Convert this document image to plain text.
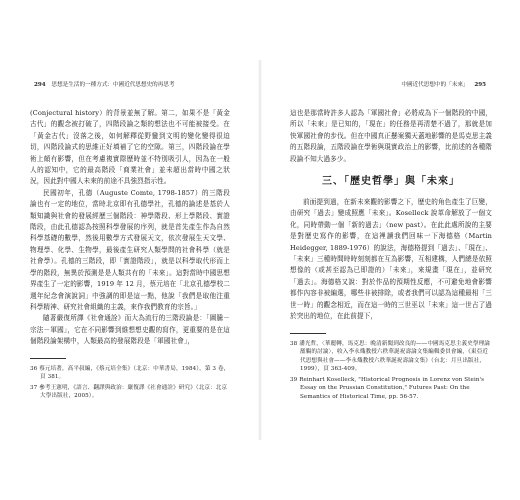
294 思想是生活的一種方式：中國近代思想史的再思考

(Conjectural history）的背景並無了解。第二，如果不是「黃金古代」的觀念被打破了，四階段論之類的想法也不可能被接受。在「黃金古代」沒落之後，如何解釋從野蠻到文明的變化變得很迫切，四階段論式的思維正好填補了它的空隙。第三，四階段論在學術上頗有影響，但在考慮複實際歷時並不特別吸引人，因為在一般人的認知中，它的最高階段「商業社會」並未超出當時中國之狀況，因此對中國人未來的前途不具強烈指示性。

民國初年，孔德（Auguste Comte, 1798-1857）的三階段論也有一定的地位，當時北京即有孔德學社，孔德的論述是基於人類知識與社會的發展經歷三個階段：神學階段、形上學階段、實證階段，由此孔德認為按照科學發展的序列，就是首先產生作為自然科學基礎的數學，然後用數學方式發展天文，依次發展生天文學、物理學、化學、生物學，最後產生研究人類學問的社會科學（就是社會學）。孔德的三階段，即「實證階段」，就是以科學取代形而上學的階段，無異於預測是是人類共有的「未來」。這對當時中國思想界產生了一定的影響，1919 年 12 月，蔡元培在「北京孔德學校二週年紀念會演說詞」中強調的即是這一點，他說「我們是取他注重科學精神、研究社會組織的主義，來作我們教育的宗旨。」

隨著嚴復所譯《社會通詮》而大為流行的三階段論是：「圖騰－宗法－軍國」，它在不同影響到維想想史觀的寫作，更重要的是在這個階段論架構中，人類最高的發展階段是「軍國社會」，

36 蔡元培著，高平叔編，《蔡元培全集》（北京：中華書局，1984），第 3 卷，頁 381。
37 參考王憲明，《語言、翻譯與政治：嚴復譯《社會通詮》研究》（北京：北京大學出版社，2005）。
中國近代思想中的「未來」 295

這也是那當時許多人認為「軍國社會」必將成為下一個階段的中國，所以「未來」是已知的，「現在」的任務是再清楚不過了，那就是加快軍國社會的步伐。但在中國真正懸案獨天蓋地影響的是馬克思主義的五階段論，五階段論在學術與現實政治上的影響，比前述的各種階段論不知大過多少。

三、「歷史哲學」與「未來」

前面提到過，在新未來觀的影響之下，歷史的角色產生了巨變，由研究「過去」變成照應「未來」。Koselleck 說革命解放了一個文化，同時帶動一個「新的過去」（new past）。在此此處所說的主要是對歷史寫作的影響，在這裡讀我們回味一下海德格（Martin Heidegger, 1889-1976）的說法，海德格提到「過去」、「現在」、「未來」三種時間時時刻刻都在互為影響，互相建構，人們總是依照想像的（或甚至認為已即證的）「未來」，來規畫「現在」，並研究「過去」。海德格又說：對於作品的預期性反應，不可避免地會影響都作內容非被編選，哪些非被排除，或者我們可以認為這種最相「三世一時」的觀念相近，而在這一時的三世巫以「未來」這一世占了過於突出的地位，在此前提下，

38 潘光哲，〈華麗轉，馬克思：晚清新聞到改良的——中國馬克思主義史學理論濫觴的討論〉，收入李永熾教授六秩華誕祝壽論文集編輯委員會編，《東亞近代思想與社會——李永熾教授六秩華誕祝壽論文集》（台北：月旦出版社，1999），頁 363-409。
39 Reinhart Koselleck, "Historical Prognosis in Lorenz von Stein's Essay on the Prussian Constitution," Futures Past: On the Semantics of Historical Time, pp. 56-57.
